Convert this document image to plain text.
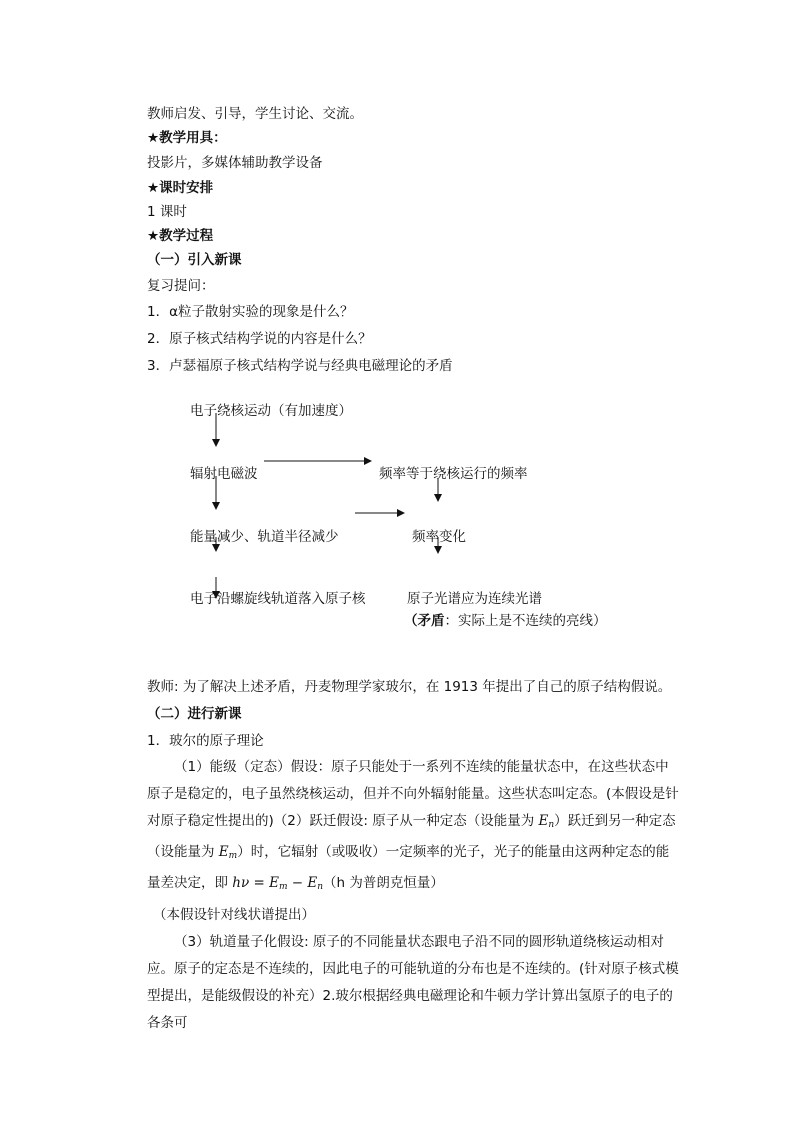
教师启发、引导，学生讨论、交流。
★教学用具：
投影片，多媒体辅助教学设备
★课时安排
1 课时
★教学过程
（一）引入新课
复习提问：
1．α粒子散射实验的现象是什么？
2．原子核式结构学说的内容是什么？
3．卢瑟福原子核式结构学说与经典电磁理论的矛盾
电子绕核运动（有加速度）
辐射电磁波
能量减少、轨道半径减少
电子沿螺旋线轨道落入原子核
频率等于绕核运行的频率
频率变化
原子光谱应为连续光谱
（矛盾：实际上是不连续的亮线）
教师: 为了解决上述矛盾，丹麦物理学家玻尔，在 1913 年提出了自己的原子结构假说。
（二）进行新课
1．玻尔的原子理论
（1）能级（定态）假设：原子只能处于一系列不连续的能量状态中，在这些状态中原子是稳定的，电子虽然绕核运动，但并不向外辐射能量。这些状态叫定态。(本假设是针对原子稳定性提出的)（2）跃迁假设: 原子从一种定态（设能量为 $E_n$）跃迁到另一种定态（设能量为 $E_m$）时，它辐射（或吸收）一定频率的光子，光子的能量由这两种定态的能量差决定，即 $h\nu = E_m - E_n(h$ 为普朗克恒量）
（本假设针对线状谱提出）
（3）轨道量子化假设: 原子的不同能量状态跟电子沿不同的圆形轨道绕核运动相对应。原子的定态是不连续的，因此电子的可能轨道的分布也是不连续的。(针对原子核式模型提出，是能级假设的补充）2.玻尔根据经典电磁理论和牛顿力学计算出氢原子的电子的各条可
